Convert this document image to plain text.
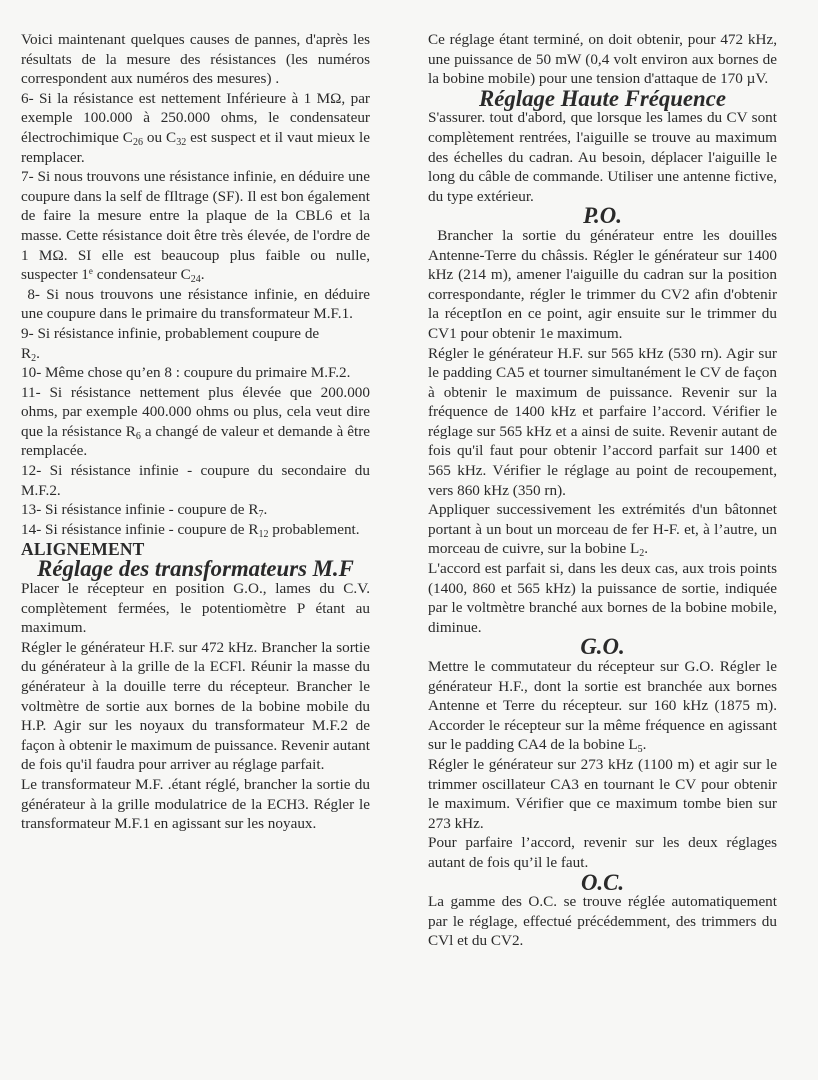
Voici maintenant quelques causes de pannes, d'après les résultats de la mesure des résistances (les numéros correspondent aux numéros des mesures) .

6- Si la résistance est nettement Inférieure à 1 MΩ, par exemple 100.000 à 250.000 ohms, le condensateur électrochimique $C_{26}$ ou $C_{32}$ est suspect et il vaut mieux le remplacer.

7- Si nous trouvons une résistance infinie, en déduire une coupure dans la self de fIltrage (SF). Il est bon également de faire la mesure entre la plaque de la CBL6 et la masse. Cette résistance doit être très élevée, de l'ordre de 1 MΩ. SI elle est beaucoup plus faible ou nulle, suspecter 1e condensateur $C_{24}$.

8- Si nous trouvons une résistance infinie, en déduire une coupure dans le primaire du transformateur M.F.1.

9- Si résistance infinie, probablement coupure de
$R_2$.

10- Même chose qu’en 8 : coupure du primaire M.F.2.

11- Si résistance nettement plus élevée que 200.000 ohms, par exemple 400.000 ohms ou plus, cela veut dire que la résistance $R_6$ a changé de valeur et demande à être remplacée.

12- Si résistance infinie - coupure du secondaire du M.F.2.

13- Si résistance infinie - coupure de $R_7$.

14- Si résistance infinie - coupure de $R_{12}$ probablement.

ALIGNEMENT
Réglage des transformateurs M.F

Placer le récepteur en position G.O., lames du C.V. complètement fermées, le potentiomètre P étant au maximum.

Régler le générateur H.F. sur 472 kHz. Brancher la sortie du générateur à la grille de la ECFl. Réunir la masse du générateur à la douille terre du récepteur. Brancher le voltmètre de sortie aux bornes de la bobine mobile du H.P. Agir sur les noyaux du transformateur M.F.2 de façon à obtenir le maximum de puissance. Revenir autant de fois qu'il faudra pour arriver au réglage parfait.

Le transformateur M.F. .étant réglé, brancher la sortie du générateur à la grille modulatrice de la ECH3. Régler le transformateur M.F.1 en agissant sur les noyaux.

Ce réglage étant terminé, on doit obtenir, pour 472 kHz, une puissance de 50 mW (0,4 volt environ aux bornes de la bobine mobile) pour une tension d'attaque de 170 µV.

Réglage Haute Fréquence

S'assurer. tout d'abord, que lorsque les lames du CV sont complètement rentrées, l'aiguille se trouve au maximum des échelles du cadran. Au besoin, déplacer l'aiguille le long du câble de commande. Utiliser une antenne fictive, du type extérieur.

P.O.

Brancher la sortie du générateur entre les douilles Antenne-Terre du châssis. Régler le générateur sur 1400 kHz (214 m), amener l'aiguille du cadran sur la position correspondante, régler le trimmer du CV2 afin d'obtenir la réceptIon en ce point, agir ensuite sur le trimmer du CV1 pour obtenir 1e maximum.

Régler le générateur H.F. sur 565 kHz (530 rn). Agir sur le padding CA5 et tourner simultanément le CV de façon à obtenir le maximum de puissance. Revenir sur la fréquence de 1400 kHz et parfaire l’accord. Vérifier le réglage sur 565 kHz et a ainsi de suite. Revenir autant de fois qu'il faut pour obtenir l’accord parfait sur 1400 et 565 kHz. Vérifier le réglage au point de recoupement, vers 860 kHz (350 rn).

Appliquer successivement les extrémités d'un bâtonnet portant à un bout un morceau de fer H-F. et, à l’autre, un morceau de cuivre, sur la bobine $L_2$.

L'accord est parfait si, dans les deux cas, aux trois points (1400, 860 et 565 kHz) la puissance de sortie, indiquée par le voltmètre branché aux bornes de la bobine mobile, diminue.

G.O.

Mettre le commutateur du récepteur sur G.O. Régler le générateur H.F., dont la sortie est branchée aux bornes Antenne et Terre du récepteur. sur 160 kHz (1875 m). Accorder le récepteur sur la même fréquence en agissant sur le padding CA4 de la bobine $L_5$.

Régler le générateur sur 273 kHz (1100 m) et agir sur le trimmer oscillateur CA3 en tournant le CV pour obtenir le maximum. Vérifier que ce maximum tombe bien sur 273 kHz.

Pour parfaire l’accord, revenir sur les deux réglages autant de fois qu’il le faut.

O.C.

La gamme des O.C. se trouve réglée automatiquement par le réglage, effectué précédemment, des trimmers du CVl et du CV2.
